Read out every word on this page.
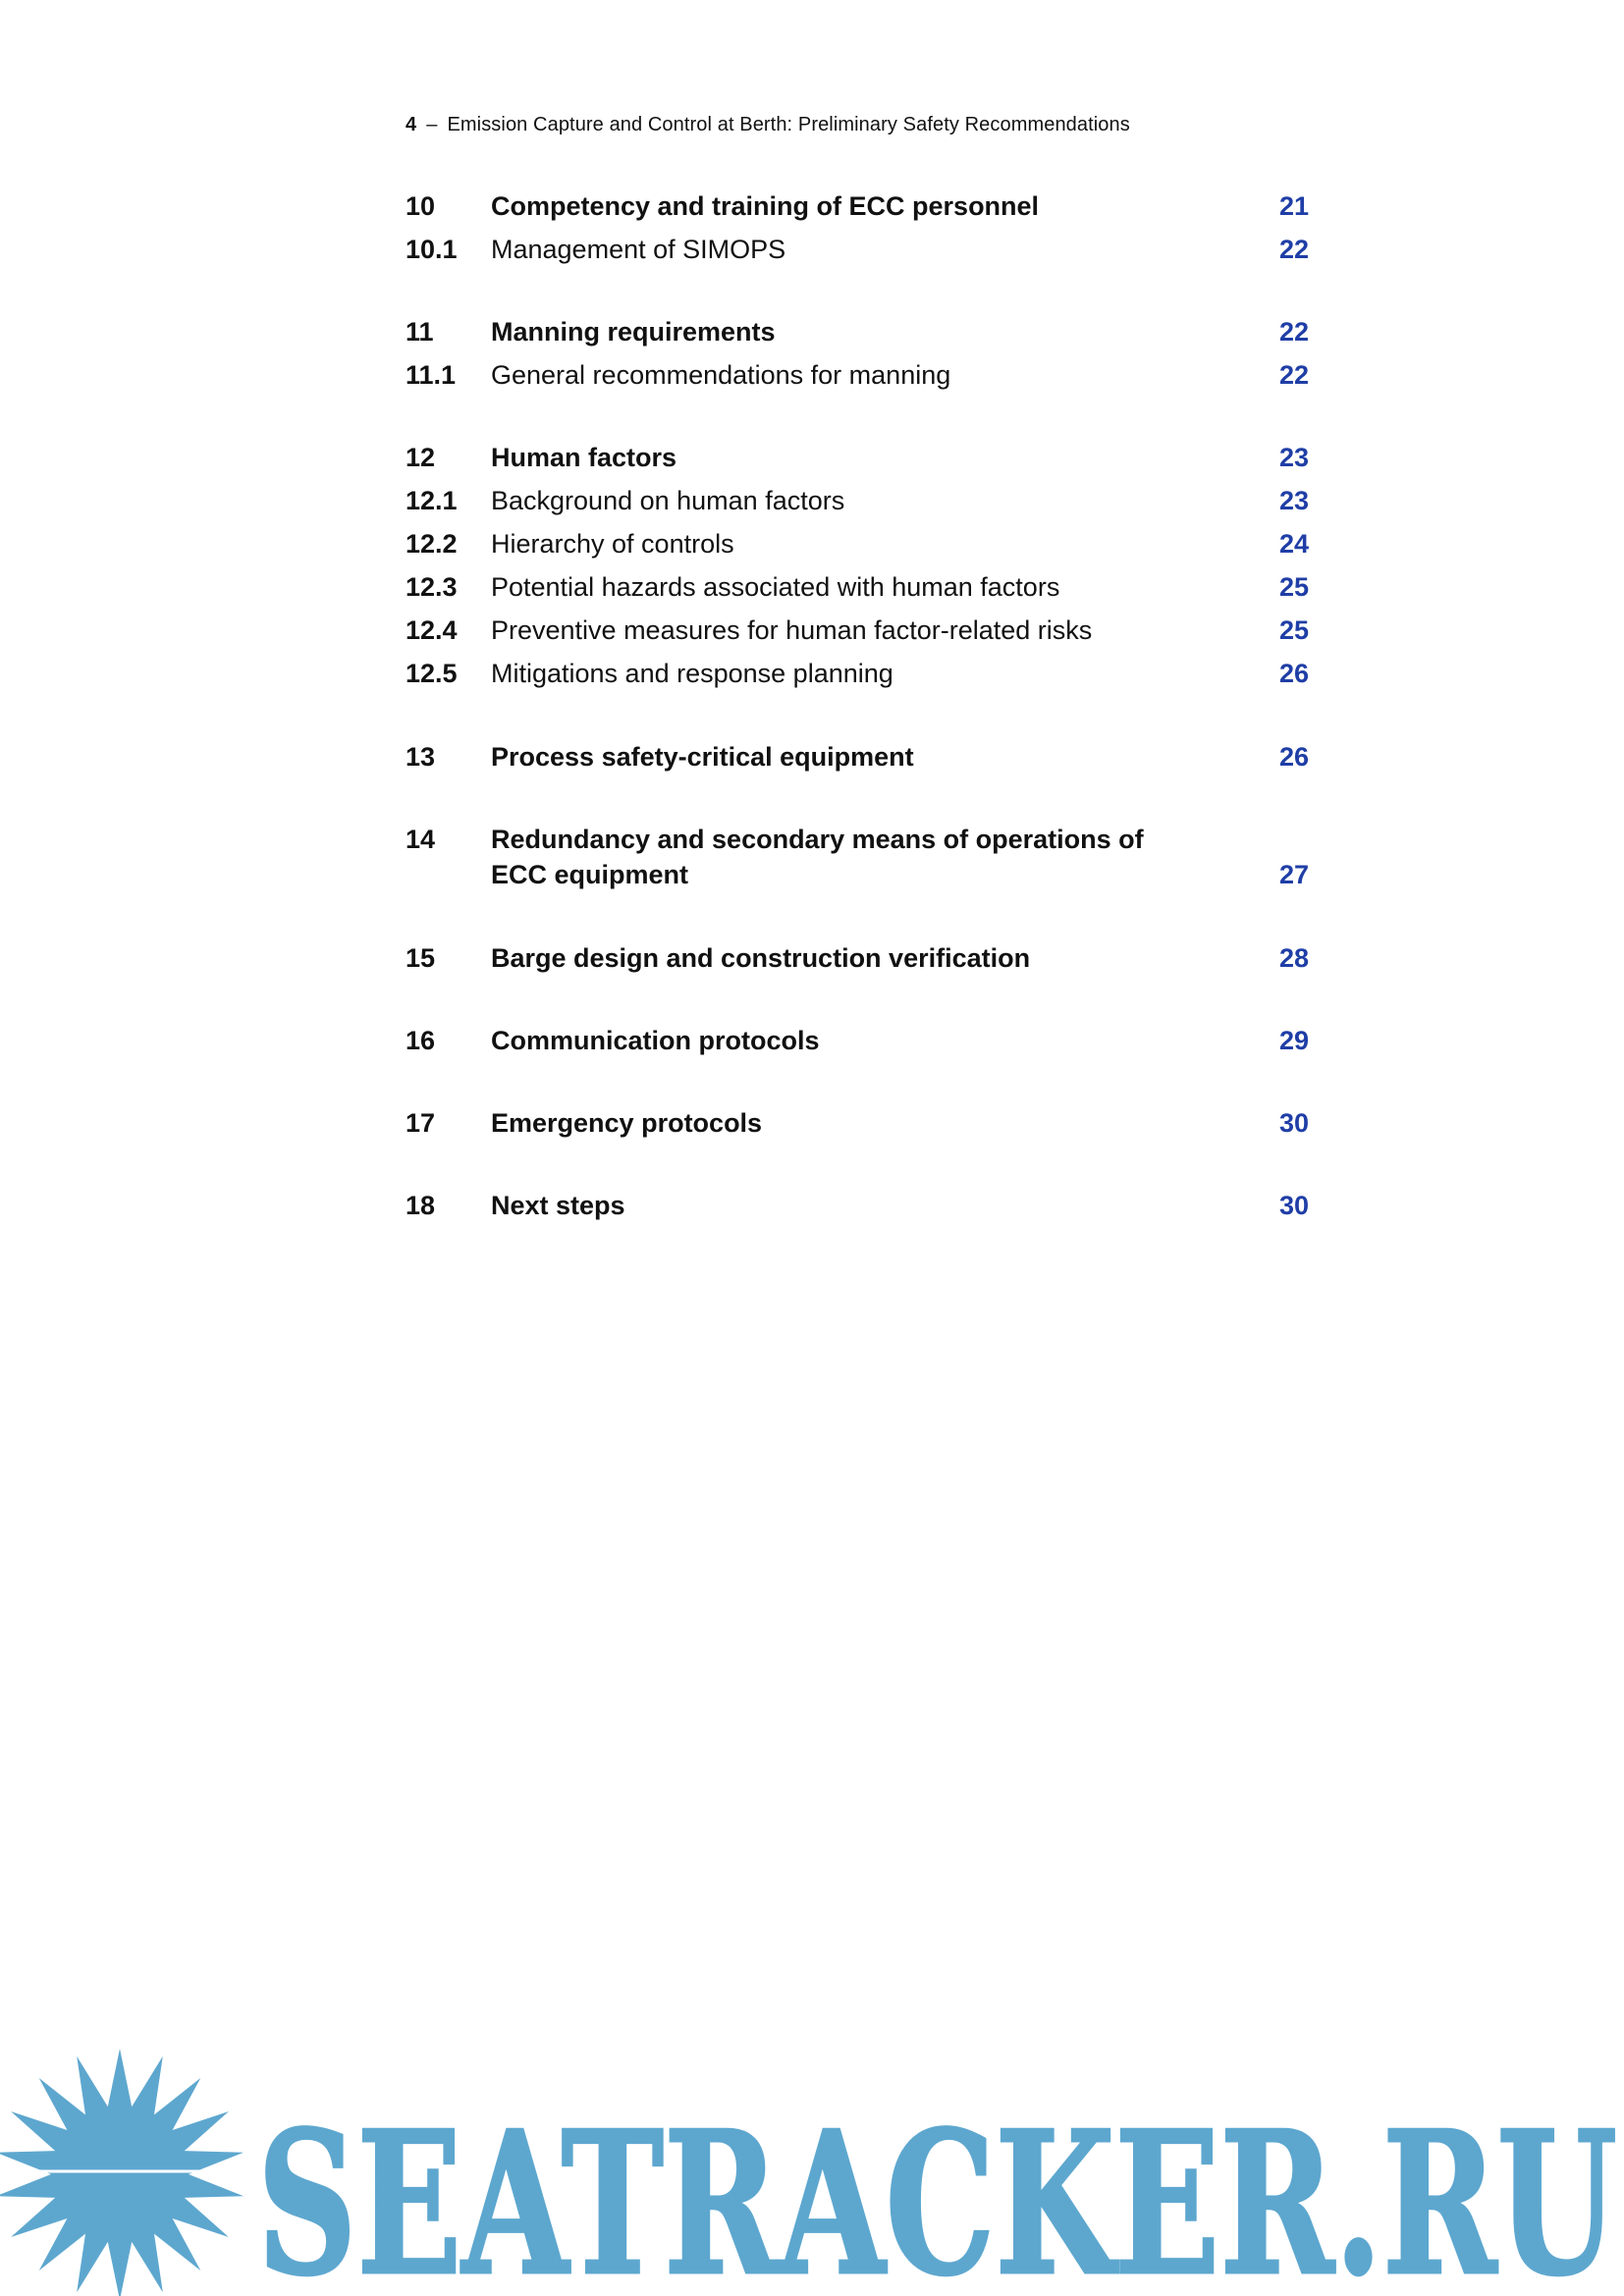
4 – Emission Capture and Control at Berth: Preliminary Safety Recommendations
10 Competency and training of ECC personnel	21
10.1 Management of SIMOPS	22
11 Manning requirements	22
11.1 General recommendations for manning	22
12 Human factors	23
12.1 Background on human factors	23
12.2 Hierarchy of controls	24
12.3 Potential hazards associated with human factors	25
12.4 Preventive measures for human factor-related risks	25
12.5 Mitigations and response planning	26
13 Process safety-critical equipment	26
14 Redundancy and secondary means of operations of
ECC equipment	27
15 Barge design and construction verification	28
16 Communication protocols	29
17 Emergency protocols	30
18 Next steps	30
SEATRACKER.RU
